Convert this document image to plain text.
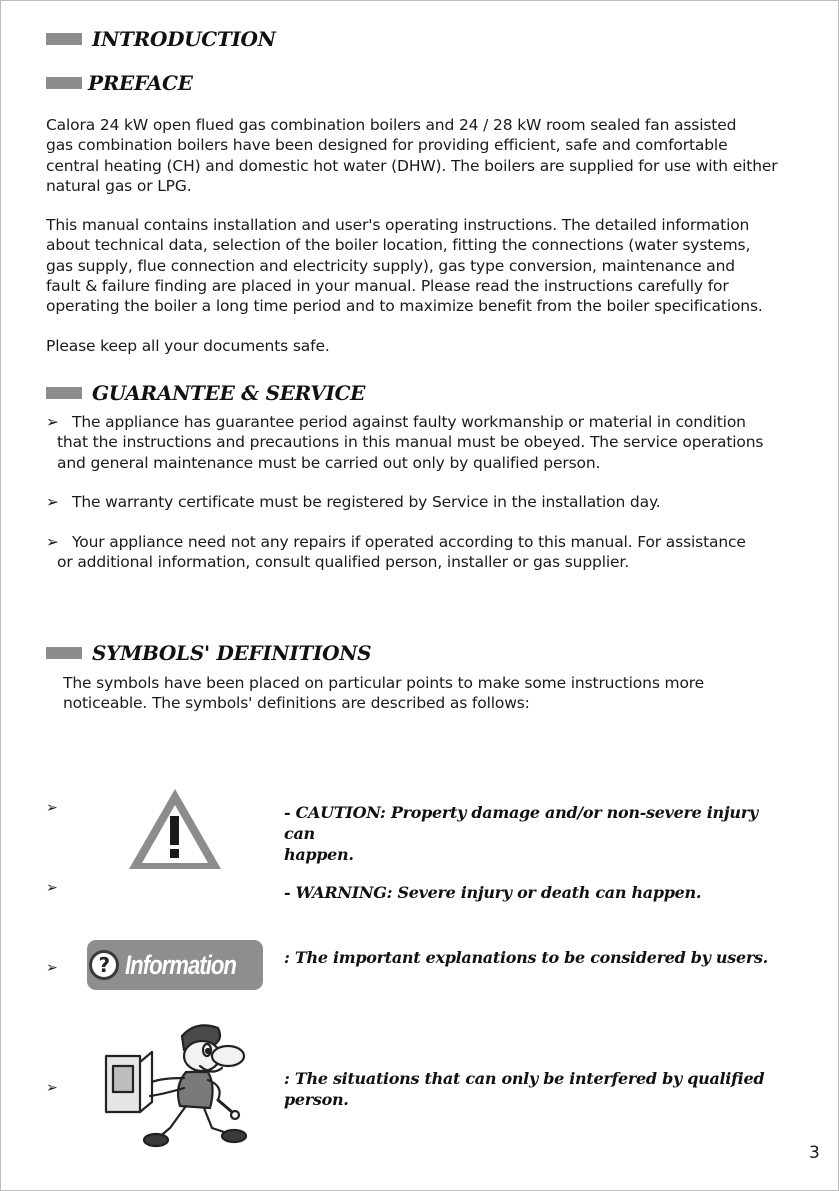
INTRODUCTION
PREFACE
Calora 24 kW open flued gas combination boilers and 24 / 28 kW room sealed fan assisted
gas combination boilers have been designed for providing efficient, safe and comfortable
central heating (CH) and domestic hot water (DHW). The boilers are supplied for use with either
natural gas or LPG.
This manual contains installation and user's operating instructions. The detailed information
about technical data, selection of the boiler location, fitting the connections (water systems,
gas supply, flue connection and electricity supply), gas type conversion, maintenance and
fault & failure finding are placed in your manual. Please read the instructions carefully for
operating the boiler a long time period and to maximize benefit from the boiler specifications.
Please keep all your documents safe.
GUARANTEE & SERVICE
➢ The appliance has guarantee period against faulty workmanship or material in condition
that the instructions and precautions in this manual must be obeyed. The service operations
and general maintenance must be carried out only by qualified person.
➢ The warranty certificate must be registered by Service in the installation day.
➢ Your appliance need not any repairs if operated according to this manual. For assistance
or additional information, consult qualified person, installer or gas supplier.
SYMBOLS' DEFINITIONS
The symbols have been placed on particular points to make some instructions more
noticeable. The symbols' definitions are described as follows:
➢	- CAUTION: Property damage and/or non-severe injury can
happen.
➢	- WARNING: Severe injury or death can happen.
➢	? Information	: The important explanations to be considered by users.
➢	: The situations that can only be interfered by qualified
person.
3
